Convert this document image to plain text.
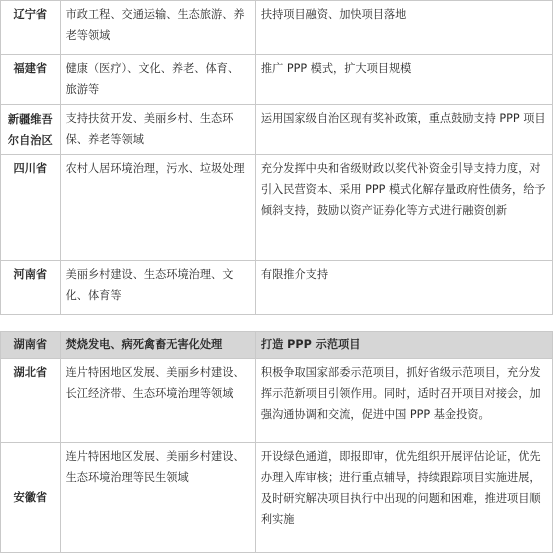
辽宁省	市政工程、交通运输、生态旅游、养老等领域	扶持项目融资、加快项目落地
福建省	健康（医疗）、文化、养老、体育、旅游等	推广 PPP 模式，扩大项目规模
新疆维吾尔自治区	支持扶贫开发、美丽乡村、生态环保、养老等领域	运用国家级自治区现有奖补政策，重点鼓励支持 PPP 项目
四川省	农村人居环境治理，污水、垃圾处理	充分发挥中央和省级财政以奖代补资金引导支持力度，对引入民营资本、采用 PPP 模式化解存量政府性债务，给予倾斜支持，鼓励以资产证券化等方式进行融资创新
河南省	美丽乡村建设、生态环境治理、文化、体育等	有限推介支持
湖南省	焚烧发电、病死禽畜无害化处理	打造 PPP 示范项目
湖北省	连片特困地区发展、美丽乡村建设、长江经济带、生态环境治理等领域	积极争取国家部委示范项目，抓好省级示范项目，充分发挥示范新项目引领作用。同时，适时召开项目对接会，加强沟通协调和交流，促进中国 PPP 基金投资。
安徽省	连片特困地区发展、美丽乡村建设、生态环境治理等民生领域	开设绿色通道，即报即审，优先组织开展评估论证，优先办理入库审核；进行重点辅导，持续跟踪项目实施进展，及时研究解决项目执行中出现的问题和困难，推进项目顺利实施
